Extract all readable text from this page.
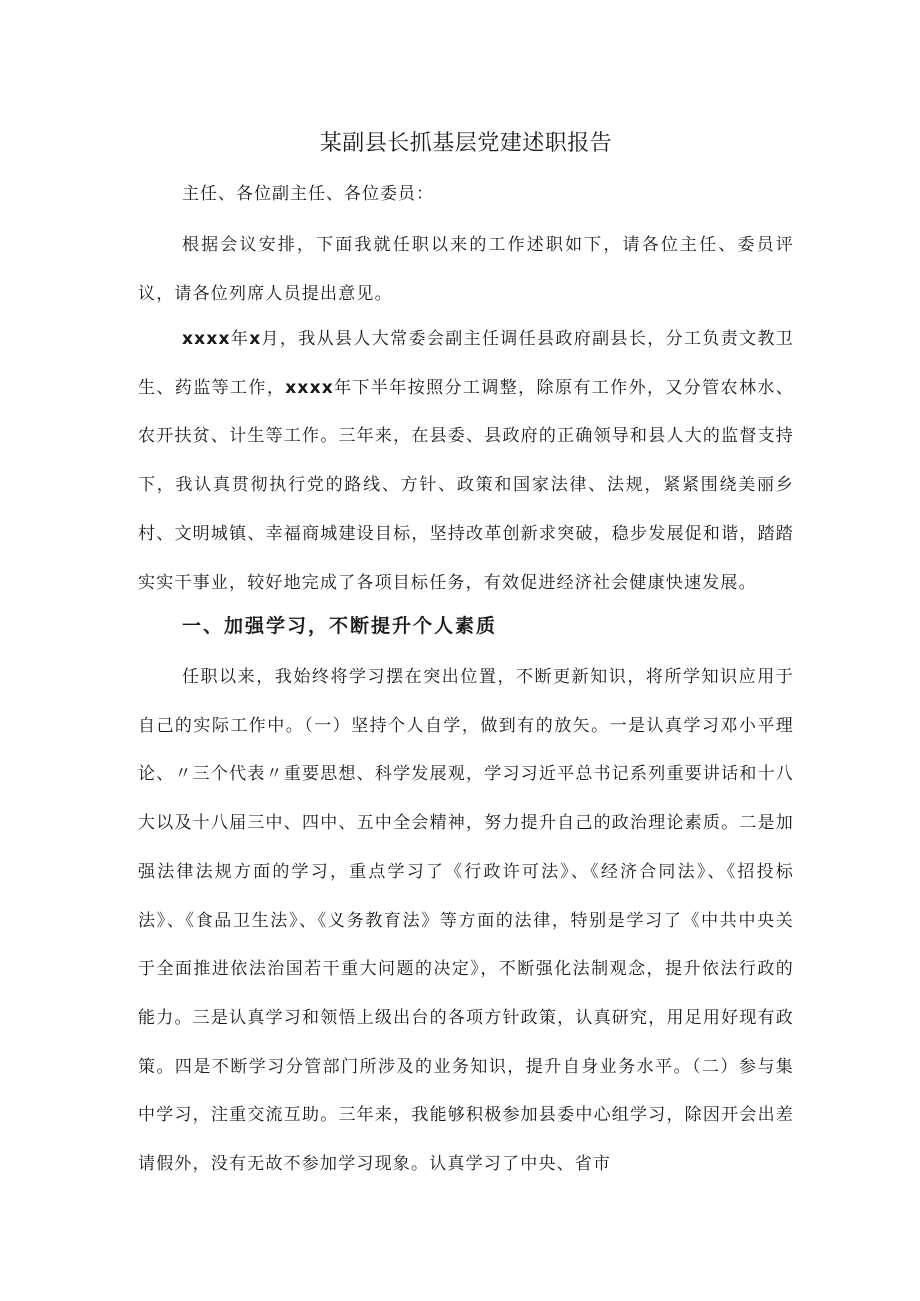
某副县长抓基层党建述职报告

主任、各位副主任、各位委员：

根据会议安排，下面我就任职以来的工作述职如下，请各位主任、委员评议，请各位列席人员提出意见。

xxxx年x月，我从县人大常委会副主任调任县政府副县长，分工负责文教卫生、药监等工作，xxxx年下半年按照分工调整，除原有工作外，又分管农林水、农开扶贫、计生等工作。三年来，在县委、县政府的正确领导和县人大的监督支持下，我认真贯彻执行党的路线、方针、政策和国家法律、法规，紧紧围绕美丽乡村、文明城镇、幸福商城建设目标，坚持改革创新求突破，稳步发展促和谐，踏踏实实干事业，较好地完成了各项目标任务，有效促进经济社会健康快速发展。

一、加强学习，不断提升个人素质

任职以来，我始终将学习摆在突出位置，不断更新知识，将所学知识应用于自己的实际工作中。（一）坚持个人自学，做到有的放矢。一是认真学习邓小平理论、〃三个代表〃重要思想、科学发展观，学习习近平总书记系列重要讲话和十八大以及十八届三中、四中、五中全会精神，努力提升自己的政治理论素质。二是加强法律法规方面的学习，重点学习了《行政许可法》、《经济合同法》、《招投标法》、《食品卫生法》、《义务教育法》等方面的法律，特别是学习了《中共中央关于全面推进依法治国若干重大问题的决定》，不断强化法制观念，提升依法行政的能力。三是认真学习和领悟上级出台的各项方针政策，认真研究，用足用好现有政策。四是不断学习分管部门所涉及的业务知识，提升自身业务水平。（二）参与集中学习，注重交流互助。三年来，我能够积极参加县委中心组学习，除因开会出差请假外，没有无故不参加学习现象。认真学习了中央、省市
